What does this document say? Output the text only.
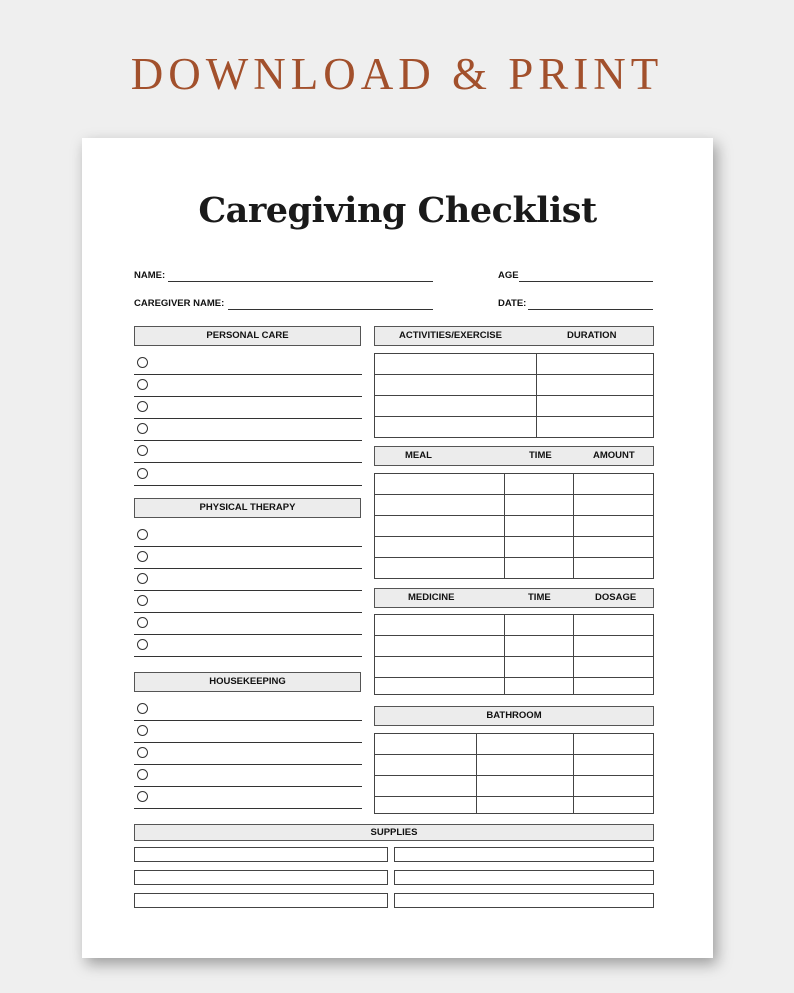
DOWNLOAD & PRINT
Caregiving Checklist
NAME:	AGE
CAREGIVER NAME:	DATE:
PERSONAL CARE
PHYSICAL THERAPY
HOUSEKEEPING
ACTIVITIES/EXERCISE	DURATION

MEAL	TIME	AMOUNT

MEDICINE	TIME	DOSAGE

BATHROOM

SUPPLIES
